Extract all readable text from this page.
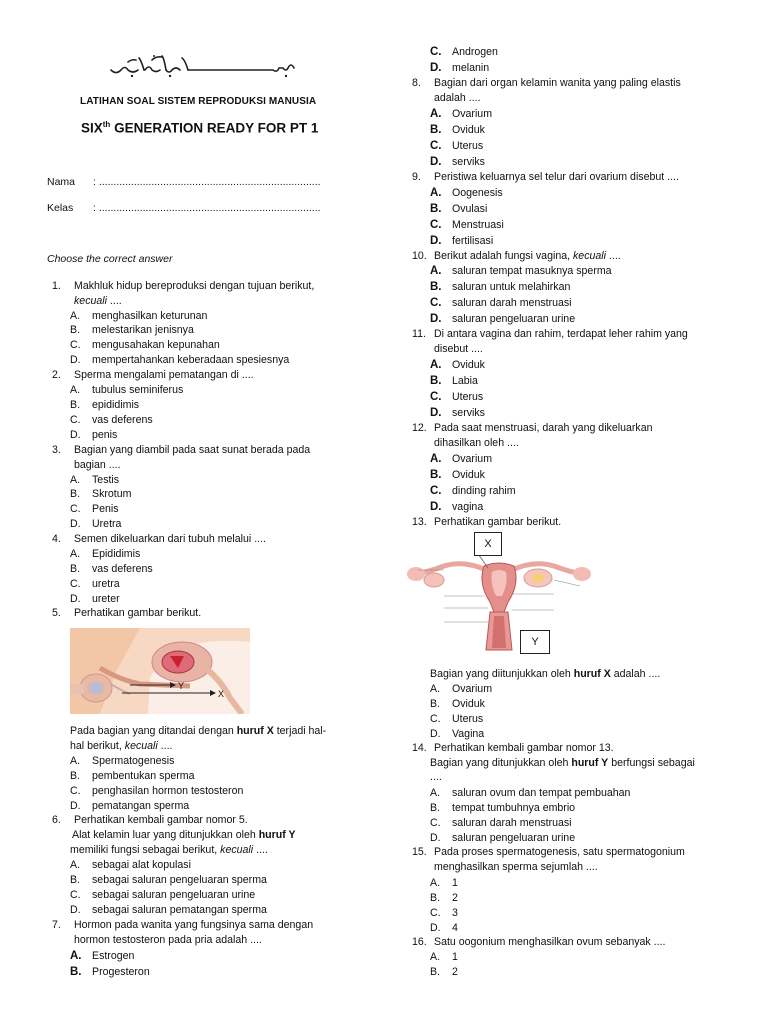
LATIHAN SOAL SISTEM REPRODUKSI MANUSIA
$SIX^{th}$ GENERATION READY FOR PT 1
Nama : ............................................................................
Kelas : ............................................................................
Choose the correct answer
1. Makhluk hidup bereproduksi dengan tujuan berikut,
kecuali ....
A. menghasilkan keturunan
B. melestarikan jenisnya
C. mengusahakan kepunahan
D. mempertahankan keberadaan spesiesnya
2. Sperma mengalami pematangan di ....
A. tubulus seminiferus
B. epididimis
C. vas deferens
D. penis
3. Bagian yang diambil pada saat sunat berada pada
bagian ....
A. Testis
B. Skrotum
C. Penis
D. Uretra
4. Semen dikeluarkan dari tubuh melalui ....
A. Epididimis
B. vas deferens
C. uretra
D. ureter
5. Perhatikan gambar berikut.
Y
X
Pada bagian yang ditandai dengan huruf X terjadi hal-
hal berikut, kecuali ....
A. Spermatogenesis
B. pembentukan sperma
C. penghasilan hormon testosteron
D. pematangan sperma
6. Perhatikan kembali gambar nomor 5.
Alat kelamin luar yang ditunjukkan oleh huruf Y
memiliki fungsi sebagai berikut, kecuali ....
A. sebagai alat kopulasi
B. sebagai saluran pengeluaran sperma
C. sebagai saluran pengeluaran urine
D. sebagai saluran pematangan sperma
7. Hormon pada wanita yang fungsinya sama dengan
hormon testosteron pada pria adalah ....
A. Estrogen
B. Progesteron
C. Androgen
D. melanin
8. Bagian dari organ kelamin wanita yang paling elastis
adalah ....
A. Ovarium
B. Oviduk
C. Uterus
D. serviks
9. Peristiwa keluarnya sel telur dari ovarium disebut ....
A. Oogenesis
B. Ovulasi
C. Menstruasi
D. fertilisasi
10. Berikut adalah fungsi vagina, kecuali ....
A. saluran tempat masuknya sperma
B. saluran untuk melahirkan
C. saluran darah menstruasi
D. saluran pengeluaran urine
11. Di antara vagina dan rahim, terdapat leher rahim yang
disebut ....
A. Oviduk
B. Labia
C. Uterus
D. serviks
12. Pada saat menstruasi, darah yang dikeluarkan
dihasilkan oleh ....
A. Ovarium
B. Oviduk
C. dinding rahim
D. vagina
13. Perhatikan gambar berikut.
X
Y
Bagian yang diitunjukkan oleh huruf X adalah ....
A. Ovarium
B. Oviduk
C. Uterus
D. Vagina
14. Perhatikan kembali gambar nomor 13.
Bagian yang ditunjukkan oleh huruf Y berfungsi sebagai
....
A. saluran ovum dan tempat pembuahan
B. tempat tumbuhnya embrio
C. saluran darah menstruasi
D. saluran pengeluaran urine
15. Pada proses spermatogenesis, satu spermatogonium
menghasilkan sperma sejumlah ....
A. 1
B. 2
C. 3
D. 4
16. Satu oogonium menghasilkan ovum sebanyak ....
A. 1
B. 2
